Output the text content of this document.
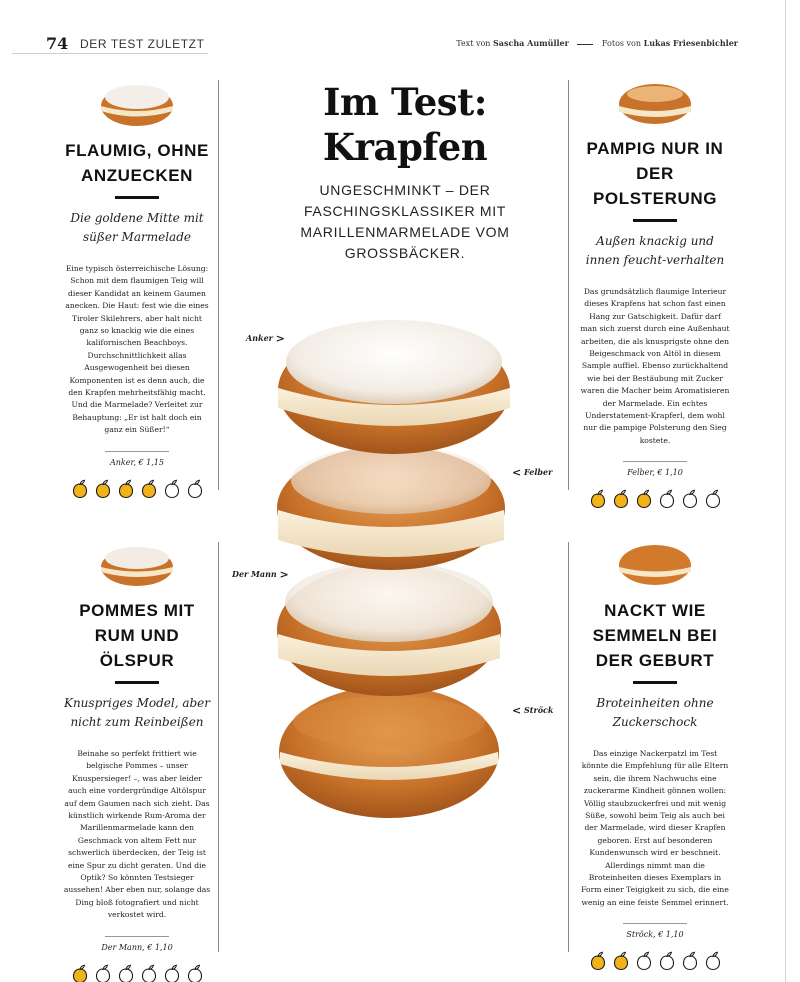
74 DER TEST ZULETZT	Text von Sascha Aumüller	Fotos von Lukas Friesenbichler
Im Test: Krapfen
UNGESCHMINKT – DER FASCHINGSKLASSIKER MIT MARILLENMARMELADE VOM GROSSBÄCKER.
Anker >
< Felber
Der Mann >
< Ströck
FLAUMIG, OHNE ANZUECKEN
Die goldene Mitte mit süßer Marmelade
Eine typisch österreichische Lösung: Schon mit dem flaumigen Teig will dieser Kandidat an keinem Gaumen anecken. Die Haut: fest wie die eines Tiroler Skilehrers, aber halt nicht ganz so knackig wie die eines kalifornischen Beachboys. Durchschnittlichkeit allas Ausgewogenheit bei diesen Komponenten ist es denn auch, die den Krapfen mehrheitsfähig macht. Und die Marmelade? Verleitet zur Behauptung: „Er ist halt doch ein ganz ein Süßer!“
Anker, € 1,15
PAMPIG NUR IN DER POLSTERUNG
Außen knackig und innen feucht-verhalten
Das grundsätzlich flaumige Interieur dieses Krapfens hat schon fast einen Hang zur Gatschigkeit. Dafür darf man sich zuerst durch eine Außenhaut arbeiten, die als knusprigste ohne den Beigeschmack von Altöl in diesem Sample auffiel. Ebenso zurückhaltend wie bei der Bestäubung mit Zucker waren die Macher beim Aromatisieren der Marmelade. Ein echtes Understatement-Krapferl, dem wohl nur die pampige Polsterung den Sieg kostete.
Felber, € 1,10
POMMES MIT RUM UND ÖLSPUR
Knuspriges Model, aber nicht zum Reinbeißen
Beinahe so perfekt frittiert wie belgische Pommes – unser Knuspersieger! –, was aber leider auch eine vordergründige Altölspur auf dem Gaumen nach sich zieht. Das künstlich wirkende Rum-Aroma der Marillenmarmelade kann den Geschmack von altem Fett nur schwerlich überdecken, der Teig ist eine Spur zu dicht geraten. Und die Optik? So könnten Testsieger aussehen! Aber eben nur, solange das Ding bloß fotografiert und nicht verkostet wird.
Der Mann, € 1,10
NACKT WIE SEMMELN BEI DER GEBURT
Broteinheiten ohne Zuckerschock
Das einzige Nackerpatzl im Test könnte die Empfehlung für alle Eltern sein, die ihrem Nachwuchs eine zuckerarme Kindheit gönnen wollen: Völlig staubzuckerfrei und mit wenig Süße, sowohl beim Teig als auch bei der Marmelade, wird dieser Krapfen geboren. Erst auf besonderen Kundenwunsch wird er beschneit. Allerdings nimmt man die Broteinheiten dieses Exemplars in Form einer Teigigkeit zu sich, die eine wenig an eine feiste Semmel erinnert.
Ströck, € 1,10
